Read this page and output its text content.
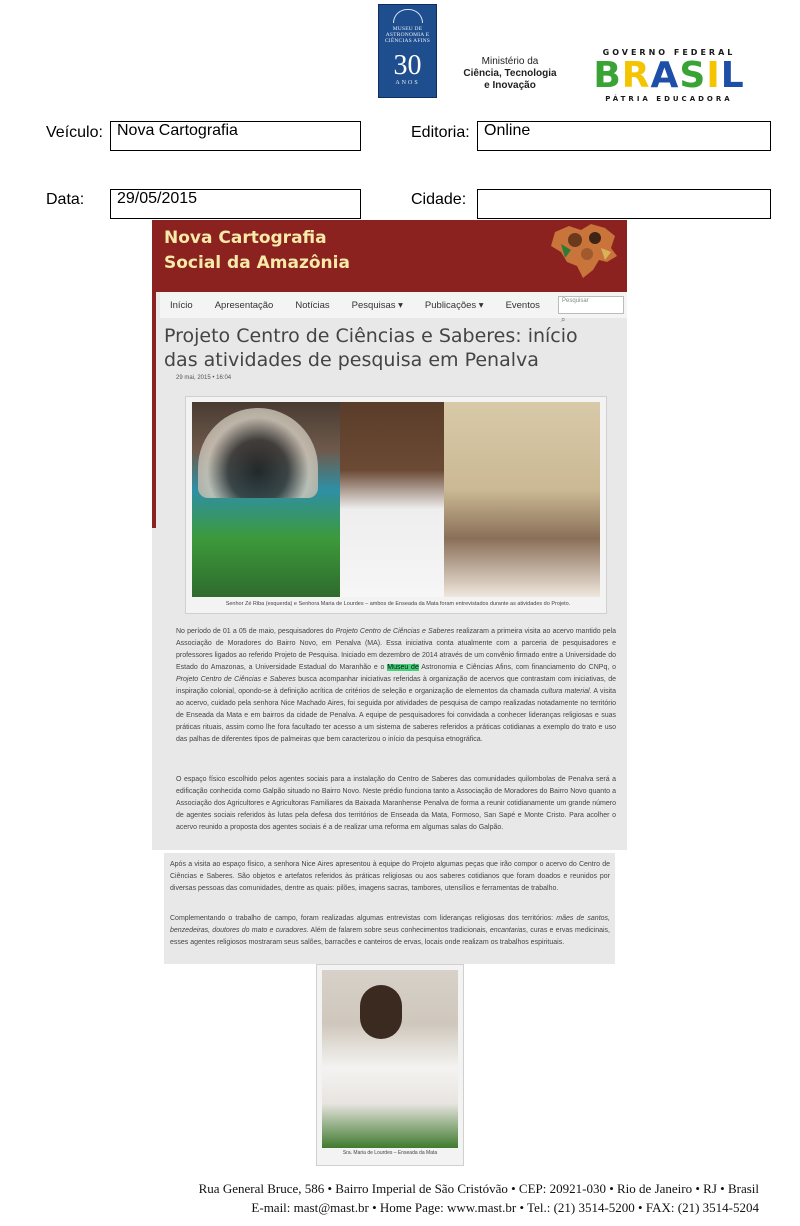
MUSEU DE ASTRONOMIA E CIÊNCIAS AFINS
30
ANOS
Ministério da
Ciência, Tecnologia
e Inovação
GOVERNO FEDERAL
BRASIL
PÁTRIA EDUCADORA
Veículo: Nova Cartografia	Editoria: Online
Data:	29/05/2015	Cidade:
Nova Cartografia
Social da Amazônia
Início Apresentação Notícias Pesquisas ▾ Publicações ▾ Eventos	Pesquisar
⌕
Projeto Centro de Ciências e Saberes: início das atividades de pesquisa em Penalva
29 mai, 2015 • 16:04
Senhor Zé Riba (esquerda) e Senhora Maria de Lourdes – ambos de Enseada da Mata foram entrevistados durante as atividades do Projeto.
No período de 01 a 05 de maio, pesquisadores do Projeto Centro de Ciências e Saberes realizaram a primeira visita ao acervo mantido pela Associação de Moradores do Bairro Novo, em Penalva (MA). Essa iniciativa conta atualmente com a parceria de pesquisadores e professores ligados ao referido Projeto de Pesquisa. Iniciado em dezembro de 2014 através de um convênio firmado entre a Universidade do Estado do Amazonas, a Universidade Estadual do Maranhão e o Museu de Astronomia e Ciências Afins, com financiamento do CNPq, o Projeto Centro de Ciências e Saberes busca acompanhar iniciativas referidas à organização de acervos que contrastam com iniciativas, de inspiração colonial, opondo-se à definição acrítica de critérios de seleção e organização de elementos da chamada cultura material. A visita ao acervo, cuidado pela senhora Nice Machado Aires, foi seguida por atividades de pesquisa de campo realizadas notadamente no território de Enseada da Mata e em bairros da cidade de Penalva. A equipe de pesquisadores foi convidada a conhecer lideranças religiosas e suas práticas rituais, assim como lhe fora facultado ter acesso a um sistema de saberes referidos a práticas cotidianas a exemplo do trato e uso das palhas de diferentes tipos de palmeiras que bem caracterizou o início da pesquisa etnográfica.
O espaço físico escolhido pelos agentes sociais para a instalação do Centro de Saberes das comunidades quilombolas de Penalva será a edificação conhecida como Galpão situado no Bairro Novo. Neste prédio funciona tanto a Associação de Moradores do Bairro Novo quanto a Associação dos Agricultores e Agricultoras Familiares da Baixada Maranhense Penalva de forma a reunir cotidianamente um grande número de agentes sociais referidos às lutas pela defesa dos territórios de Enseada da Mata, Formoso, San Sapé e Monte Cristo. Para acolher o acervo reunido a proposta dos agentes sociais é a de realizar uma reforma em algumas salas do Galpão.
Após a visita ao espaço físico, a senhora Nice Aires apresentou à equipe do Projeto algumas peças que irão compor o acervo do Centro de Ciências e Saberes. São objetos e artefatos referidos às práticas religiosas ou aos saberes cotidianos que foram doados e reunidos por diversas pessoas das comunidades, dentre as quais: pilões, imagens sacras, tambores, utensílios e ferramentas de trabalho.
Complementando o trabalho de campo, foram realizadas algumas entrevistas com lideranças religiosas dos territórios: mães de santos, benzedeiras, doutores do mato e curadores. Além de falarem sobre seus conhecimentos tradicionais, encantarias, curas e ervas medicinais, esses agentes religiosos mostraram seus salões, barracões e canteiros de ervas, locais onde realizam os trabalhos espirituais.
Sra. Maria de Lourdes – Enseada da Mata
Rua General Bruce, 586 • Bairro Imperial de São Cristóvão • CEP: 20921-030 • Rio de Janeiro • RJ • Brasil
E-mail: mast@mast.br • Home Page: www.mast.br • Tel.: (21) 3514-5200 • FAX: (21) 3514-5204
